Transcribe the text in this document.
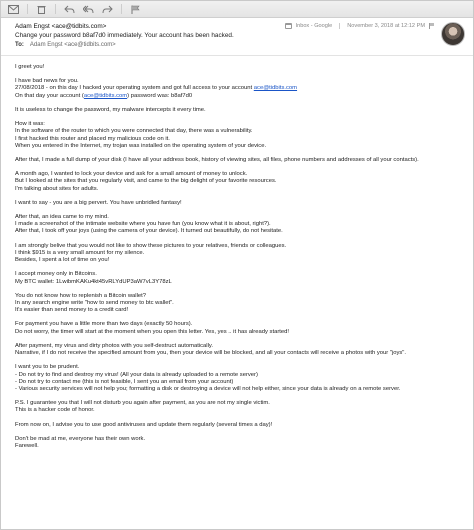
Adam Engst <ace@tidbits.com>
Change your password b8af7d0 immediately. Your account has been hacked.
To: Adam Engst <ace@tidbits.com>
Inbox - Google	November 3, 2018 at 12:12 PM

I greet you!

I have bad news for you.
27/08/2018 - on this day I hacked your operating system and got full access to your account ace@tidbits.com
On that day your account (ace@tidbits.com) password was: b8af7d0

It is useless to change the password, my malware intercepts it every time.

How it was:
In the software of the router to which you were connected that day, there was a vulnerability.
I first hacked this router and placed my malicious code on it.
When you entered in the Internet, my trojan was installed on the operating system of your device.

After that, I made a full dump of your disk (I have all your address book, history of viewing sites, all files, phone numbers and addresses of all your contacts).

A month ago, I wanted to lock your device and ask for a small amount of money to unlock.
But I looked at the sites that you regularly visit, and came to the big delight of your favorite resources.
I'm talking about sites for adults.

I want to say - you are a big pervert. You have unbridled fantasy!

After that, an idea came to my mind.
I made a screenshot of the intimate website where you have fun (you know what it is about, right?).
After that, I took off your joys (using the camera of your device). It turned out beautifully, do not hesitate.

I am strongly belive that you would not like to show these pictures to your relatives, friends or colleagues.
I think $915 is a very small amount for my silence.
Besides, I spent a lot of time on you!

I accept money only in Bitcoins.
My BTC wallet: 1LwibmKAKu4kt45vRLYdUP3aW7vL3Y78zL

You do not know how to replenish a Bitcoin wallet?
In any search engine write "how to send money to btc wallet".
It's easier than send money to a credit card!

For payment you have a little more than two days (exactly 50 hours).
Do not worry, the timer will start at the moment when you open this letter. Yes, yes .. it has already started!

After payment, my virus and dirty photos with you self-destruct automatically.
Narrative, if I do not receive the specified amount from you, then your device will be blocked, and all your contacts will receive a photos with your "joys".

I want you to be prudent.
- Do not try to find and destroy my virus! (All your data is already uploaded to a remote server)
- Do not try to contact me (this is not feasible, I sent you an email from your account)
- Various security services will not help you; formatting a disk or destroying a device will not help either, since your data is already on a remote server.

P.S. I guarantee you that I will not disturb you again after payment, as you are not my single victim.
This is a hacker code of honor.

From now on, I advise you to use good antiviruses and update them regularly (several times a day)!

Don't be mad at me, everyone has their own work.
Farewell.
